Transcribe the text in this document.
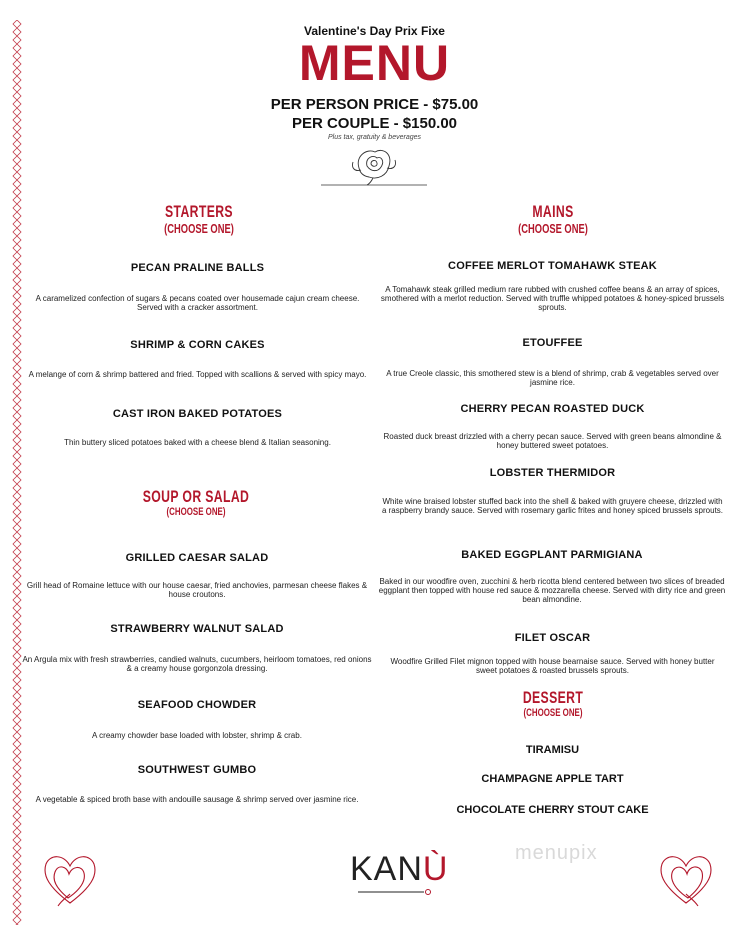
Valentine's Day Prix Fixe
MENU
PER PERSON PRICE - $75.00
PER COUPLE - $150.00
Plus tax, gratuity & beverages
STARTERS
(CHOOSE ONE)
PECAN PRALINE BALLS
A caramelized confection of sugars & pecans coated over housemade cajun cream cheese. Served with a cracker assortment.
SHRIMP & CORN CAKES
A melange of corn & shrimp battered and fried. Topped with scallions & served with spicy mayo.
CAST IRON BAKED POTATOES
Thin buttery sliced potatoes baked with a cheese blend & Italian seasoning.
SOUP OR SALAD
(CHOOSE ONE)
GRILLED CAESAR SALAD
Grill head of Romaine lettuce with our house caesar, fried anchovies, parmesan cheese flakes & house croutons.
STRAWBERRY WALNUT SALAD
An Argula mix with fresh strawberries, candied walnuts, cucumbers, heirloom tomatoes, red onions & a creamy house gorgonzola dressing.
SEAFOOD CHOWDER
A creamy chowder base loaded with lobster, shrimp & crab.
SOUTHWEST GUMBO
A vegetable & spiced broth base with andouille sausage & shrimp served over jasmine rice.
MAINS
(CHOOSE ONE)
COFFEE MERLOT TOMAHAWK STEAK
A Tomahawk steak grilled medium rare rubbed with crushed coffee beans & an array of spices, smothered with a merlot reduction. Served with truffle whipped potatoes & honey-spiced brussels sprouts.
ETOUFFEE
A true Creole classic, this smothered stew is a blend of shrimp, crab & vegetables served over jasmine rice.
CHERRY PECAN ROASTED DUCK
Roasted duck breast drizzled with a cherry pecan sauce. Served with green beans almondine & honey buttered sweet potatoes.
LOBSTER THERMIDOR
White wine braised lobster stuffed back into the shell & baked with gruyere cheese, drizzled with a raspberry brandy sauce. Served with rosemary garlic frites and honey spiced brussels sprouts.
BAKED EGGPLANT PARMIGIANA
Baked in our woodfire oven, zucchini & herb ricotta blend centered between two slices of breaded eggplant then topped with house red sauce & mozzarella cheese. Served with dirty rice and green bean almondine.
FILET OSCAR
Woodfire Grilled Filet mignon topped with house bearnaise sauce. Served with honey butter sweet potatoes & roasted brussels sprouts.
DESSERT
(CHOOSE ONE)
TIRAMISU
CHAMPAGNE APPLE TART
CHOCOLATE CHERRY STOUT CAKE
menupix
KANÙ
